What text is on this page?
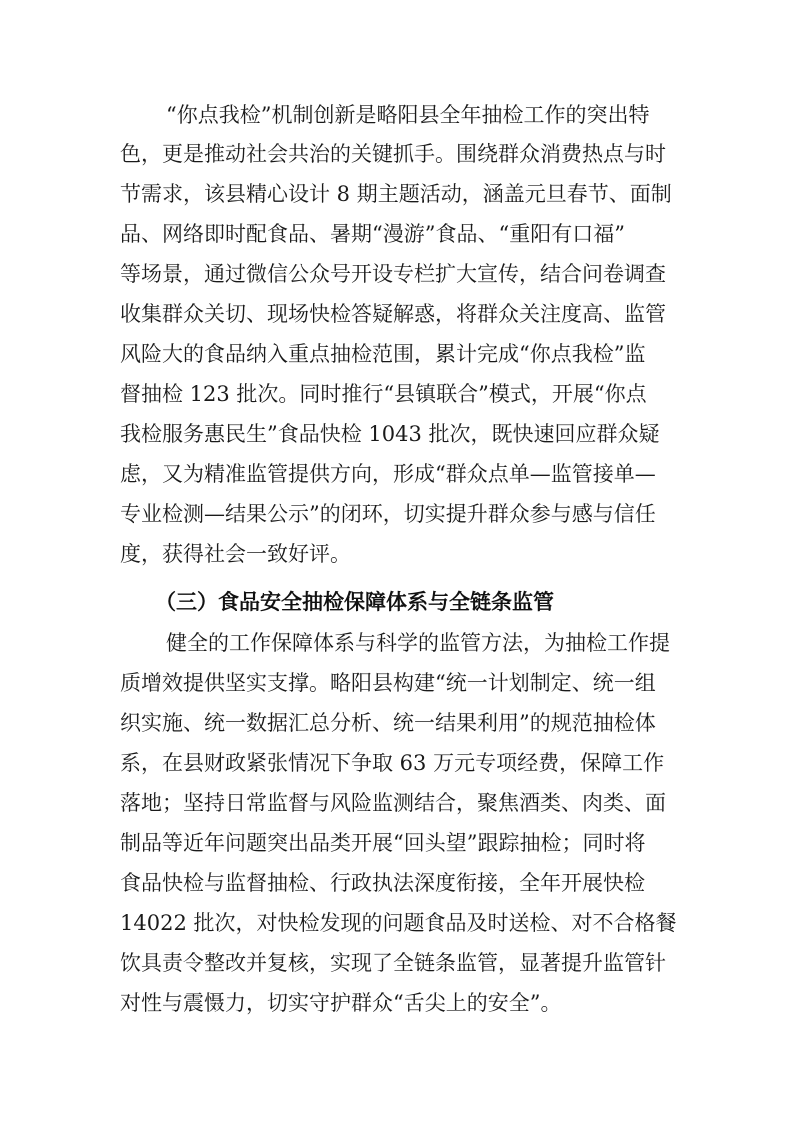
“你点我检”机制创新是略阳县全年抽检工作的突出特
色，更是推动社会共治的关键抓手。围绕群众消费热点与时
节需求，该县精心设计 8 期主题活动，涵盖元旦春节、面制
品、网络即时配食品、暑期“漫游”食品、“重阳有口福”
等场景，通过微信公众号开设专栏扩大宣传，结合问卷调查
收集群众关切、现场快检答疑解惑，将群众关注度高、监管
风险大的食品纳入重点抽检范围，累计完成“你点我检”监
督抽检 123 批次。同时推行“县镇联合”模式，开展“你点
我检服务惠民生”食品快检 1043 批次，既快速回应群众疑
虑，又为精准监管提供方向，形成“群众点单—监管接单—
专业检测—结果公示”的闭环，切实提升群众参与感与信任
度，获得社会一致好评。
（三）食品安全抽检保障体系与全链条监管
健全的工作保障体系与科学的监管方法，为抽检工作提
质增效提供坚实支撑。略阳县构建“统一计划制定、统一组
织实施、统一数据汇总分析、统一结果利用”的规范抽检体
系，在县财政紧张情况下争取 63 万元专项经费，保障工作
落地；坚持日常监督与风险监测结合，聚焦酒类、肉类、面
制品等近年问题突出品类开展“回头望”跟踪抽检；同时将
食品快检与监督抽检、行政执法深度衔接，全年开展快检
14022 批次，对快检发现的问题食品及时送检、对不合格餐
饮具责令整改并复核，实现了全链条监管，显著提升监管针
对性与震慑力，切实守护群众“舌尖上的安全”。
